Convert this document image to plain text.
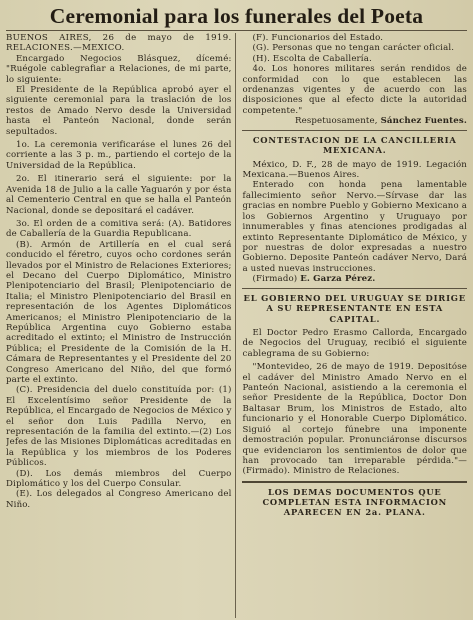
Ceremonial para los funerales del Poeta

BUENOS AIRES, 26 de mayo de 1919. RELACIONES.—MEXICO.

Encargado Negocios Blásquez, dícemé: "Ruégole cablegrafiar a Relaciones, de mi parte, lo siguiente:

El Presidente de la República aprobó ayer el siguiente ceremonial para la traslación de los restos de Amado Nervo desde la Universidad hasta el Panteón Nacional, donde serán sepultados.

1o. La ceremonia verificaráse el lunes 26 del corriente a las 3 p. m., partiendo el cortejo de la Universidad de la República.

2o. El itinerario será el siguiente: por la Avenida 18 de Julio a la calle Yaguarón y por ésta al Cementerio Central en que se halla el Panteón Nacional, donde se depositará el cadáver.

3o. El orden de a comitiva será: (A). Batidores de Caballería de la Guardia Republicana.

(B). Armón de Artillería en el cual será conducido el féretro, cuyos ocho cordones serán llevados por el Ministro de Relaciones Exteriores; el Decano del Cuerpo Diplomático, Ministro Plenipotenciario del Brasil; Plenipotenciario de Italia; el Ministro Plenipotenciario del Brasil en representación de los Agentes Diplomáticos Americanos; el Ministro Plenipotenciario de la República Argentina cuyo Gobierno estaba acreditado el extinto; el Ministro de Instrucción Pública; el Presidente de la Comisión de la H. Cámara de Representantes y el Presidente del 20 Congreso Americano del Niño, del que formó parte el extinto.

(C). Presidencia del duelo constituída por: (1) El Excelentísimo señor Presidente de la República, el Encargado de Negocios de México y el señor don Luis Padilla Nervo, en representación de la familia del extinto.—(2) Los Jefes de las Misiones Diplomáticas acreditadas en la República y los miembros de los Poderes Públicos.

(D). Los demás miembros del Cuerpo Diplomático y los del Cuerpo Consular.

(E). Los delegados al Congreso Americano del Niño.

(F). Funcionarios del Estado.

(G). Personas que no tengan carácter oficial.

(H). Escolta de Caballería.

4o. Los honores militares serán rendidos de conformidad con lo que establecen las ordenanzas vigentes y de acuerdo con las disposiciones que al efecto dicte la autoridad competente."

Respetuosamente, Sánchez Fuentes.

CONTESTACION DE LA CANCILLERIA MEXICANA.

México, D. F., 28 de mayo de 1919. Legación Mexicana.—Buenos Aires.

Enterado con honda pena lamentable fallecimiento señor Nervo.—Sírvase dar las gracias en nombre Pueblo y Gobierno Mexicano a los Gobiernos Argentino y Uruguayo por innumerables y finas atenciones prodigadas al extinto Representante Diplomático de México, y por nuestras de dolor expresadas a nuestro Gobierno. Deposite Panteón cadáver Nervo, Dará a usted nuevas instrucciones.

(Firmado) E. Garza Pérez.

EL GOBIERNO DEL URUGUAY SE DIRIGE A SU REPRESENTANTE EN ESTA CAPITAL.

El Doctor Pedro Erasmo Callorda, Encargado de Negocios del Uruguay, recibió el siguiente cablegrama de su Gobierno:

"Montevideo, 26 de mayo de 1919. Depositóse el cadáver del Ministro Amado Nervo en el Panteón Nacional, asistiendo a la ceremonia el señor Presidente de la República, Doctor Don Baltasar Brum, los Ministros de Estado, alto funcionario y el Honorable Cuerpo Diplomático. Siguió al cortejo fúnebre una imponente demostración popular. Pronunciáronse discursos que evidenciaron los sentimientos de dolor que han provocado tan irreparable pérdida."—(Firmado). Ministro de Relaciones.

LOS DEMAS DOCUMENTOS QUE COMPLETAN ESTA INFORMACION APARECEN EN 2a. PLANA.
